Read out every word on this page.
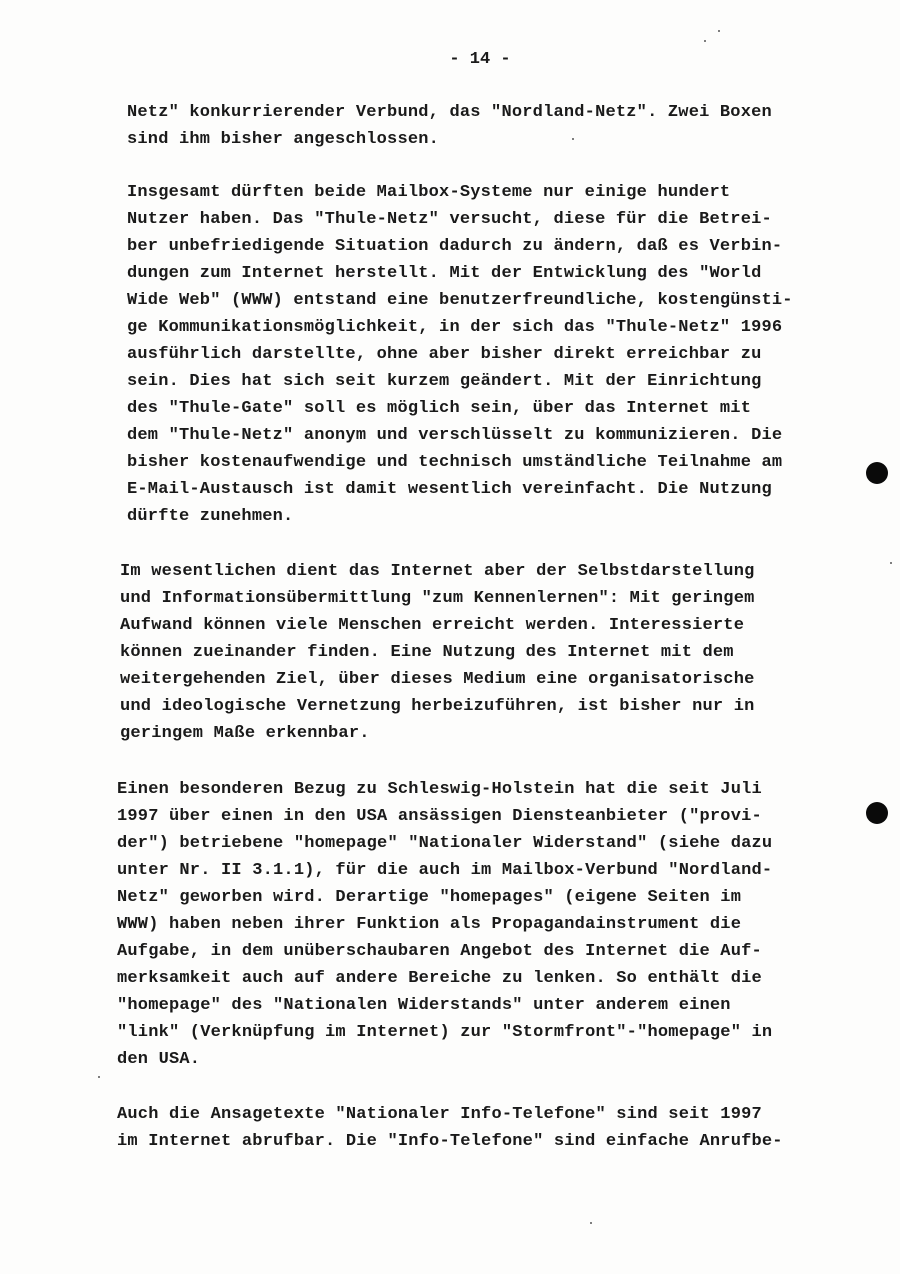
- 14 -
Netz" konkurrierender Verbund, das "Nordland-Netz". Zwei Boxen
sind ihm bisher angeschlossen.
Insgesamt dürften beide Mailbox-Systeme nur einige hundert
Nutzer haben. Das "Thule-Netz" versucht, diese für die Betrei-
ber unbefriedigende Situation dadurch zu ändern, daß es Verbin-
dungen zum Internet herstellt. Mit der Entwicklung des "World
Wide Web" (WWW) entstand eine benutzerfreundliche, kostengünsti-
ge Kommunikationsmöglichkeit, in der sich das "Thule-Netz" 1996
ausführlich darstellte, ohne aber bisher direkt erreichbar zu
sein. Dies hat sich seit kurzem geändert. Mit der Einrichtung
des "Thule-Gate" soll es möglich sein, über das Internet mit
dem "Thule-Netz" anonym und verschlüsselt zu kommunizieren. Die
bisher kostenaufwendige und technisch umständliche Teilnahme am
E-Mail-Austausch ist damit wesentlich vereinfacht. Die Nutzung
dürfte zunehmen.
Im wesentlichen dient das Internet aber der Selbstdarstellung
und Informationsübermittlung "zum Kennenlernen": Mit geringem
Aufwand können viele Menschen erreicht werden. Interessierte
können zueinander finden. Eine Nutzung des Internet mit dem
weitergehenden Ziel, über dieses Medium eine organisatorische
und ideologische Vernetzung herbeizuführen, ist bisher nur in
geringem Maße erkennbar.
Einen besonderen Bezug zu Schleswig-Holstein hat die seit Juli
1997 über einen in den USA ansässigen Diensteanbieter ("provi-
der") betriebene "homepage" "Nationaler Widerstand" (siehe dazu
unter Nr. II 3.1.1), für die auch im Mailbox-Verbund "Nordland-
Netz" geworben wird. Derartige "homepages" (eigene Seiten im
WWW) haben neben ihrer Funktion als Propagandainstrument die
Aufgabe, in dem unüberschaubaren Angebot des Internet die Auf-
merksamkeit auch auf andere Bereiche zu lenken. So enthält die
"homepage" des "Nationalen Widerstands" unter anderem einen
"link" (Verknüpfung im Internet) zur "Stormfront"-"homepage" in
den USA.
Auch die Ansagetexte "Nationaler Info-Telefone" sind seit 1997
im Internet abrufbar. Die "Info-Telefone" sind einfache Anrufbe-
